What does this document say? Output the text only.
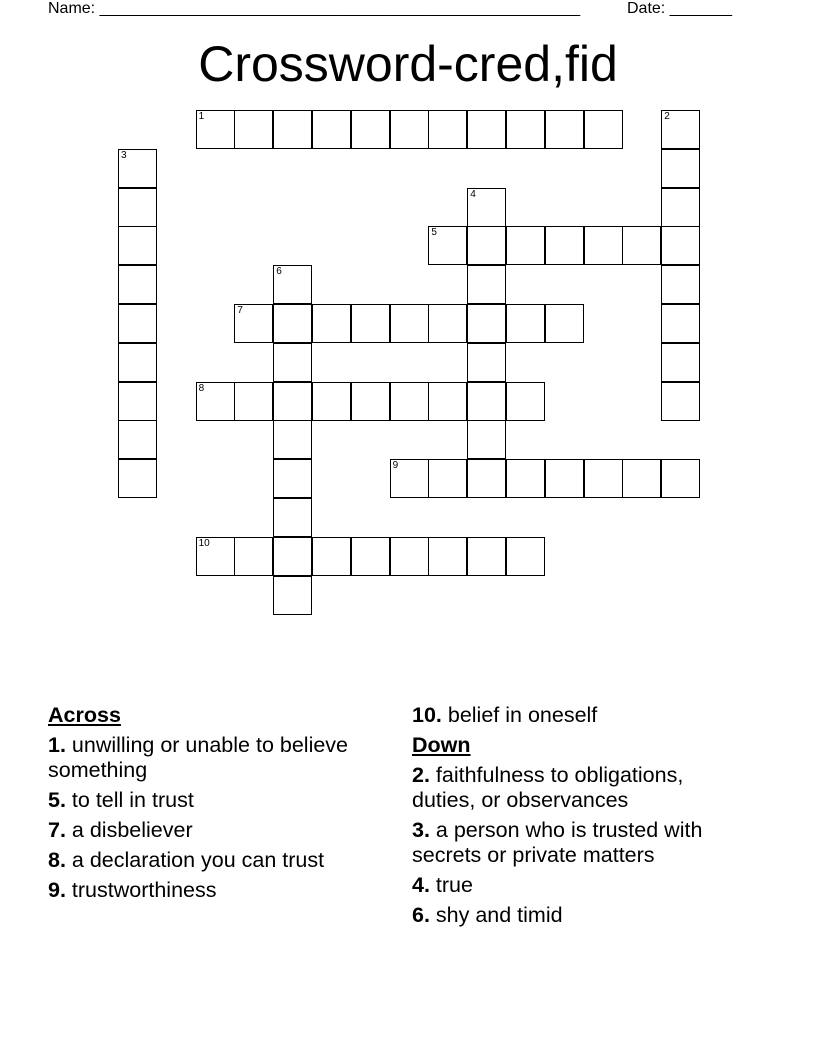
Name: ______________________________________________________	Date: _______
Crossword-cred,fid
1	2
3
4
5
6
7
8
9
10
Across
1. unwilling or unable to believe something
5. to tell in trust
7. a disbeliever
8. a declaration you can trust
9. trustworthiness
10. belief in oneself
Down
2. faithfulness to obligations, duties, or observances
3. a person who is trusted with secrets or private matters
4. true
6. shy and timid
